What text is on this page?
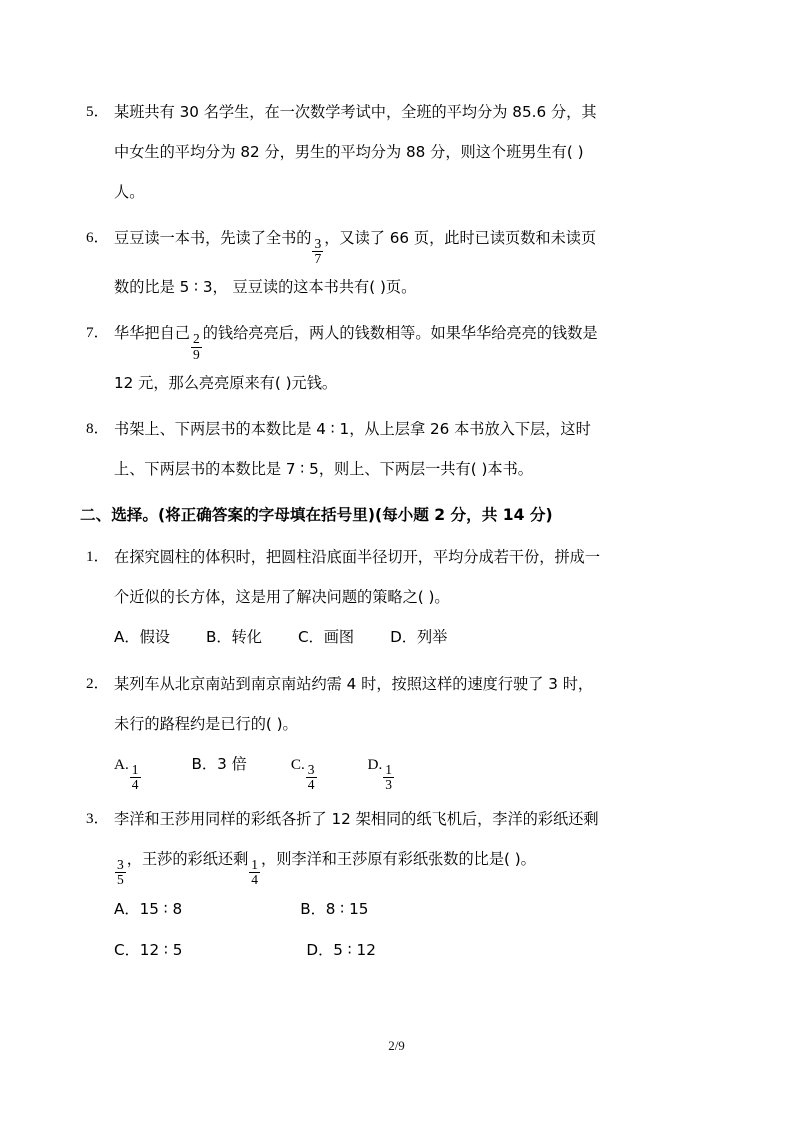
5． 某班共有 30 名学生，在一次数学考试中，全班的平均分为 85.6 分，其
中女生的平均分为 82 分，男生的平均分为 88 分，则这个班男生有( )
人。
6． 豆豆读一本书，先读了全书的 $\frac{3}{7}$ ，又读了 66 页，此时已读页数和未读页
数的比是 5 ∶ 3， 豆豆读的这本书共有( )页。
7． 华华把自己 $\frac{2}{9}$ 的钱给亮亮后，两人的钱数相等。如果华华给亮亮的钱数是
12 元，那么亮亮原来有( )元钱。
8． 书架上、下两层书的本数比是 4 ∶ 1，从上层拿 26 本书放入下层，这时
上、下两层书的本数比是 7 ∶ 5，则上、下两层一共有( )本书。
二、选择。(将正确答案的字母填在括号里)(每小题 2 分，共 14 分)
1． 在探究圆柱的体积时，把圆柱沿底面半径切开，平均分成若干份，拼成一
个近似的长方体，这是用了解决问题的策略之( )。
A．假设 B．转化 C．画图 D．列举
2． 某列车从北京南站到南京南站约需 4 时，按照这样的速度行驶了 3 时，
未行的路程约是已行的( )。
A. $\frac{1}{4}$	B．3 倍	C. $\frac{3}{4}$	D. $\frac{1}{3}$
3． 李洋和王莎用同样的彩纸各折了 12 架相同的纸飞机后，李洋的彩纸还剩
$\frac{3}{5}$ ，王莎的彩纸还剩 $\frac{1}{4}$ ，则李洋和王莎原有彩纸张数的比是( )。
A．15 ∶ 8	B．8 ∶ 15
C．12 ∶ 5	D．5 ∶ 12
2/9
